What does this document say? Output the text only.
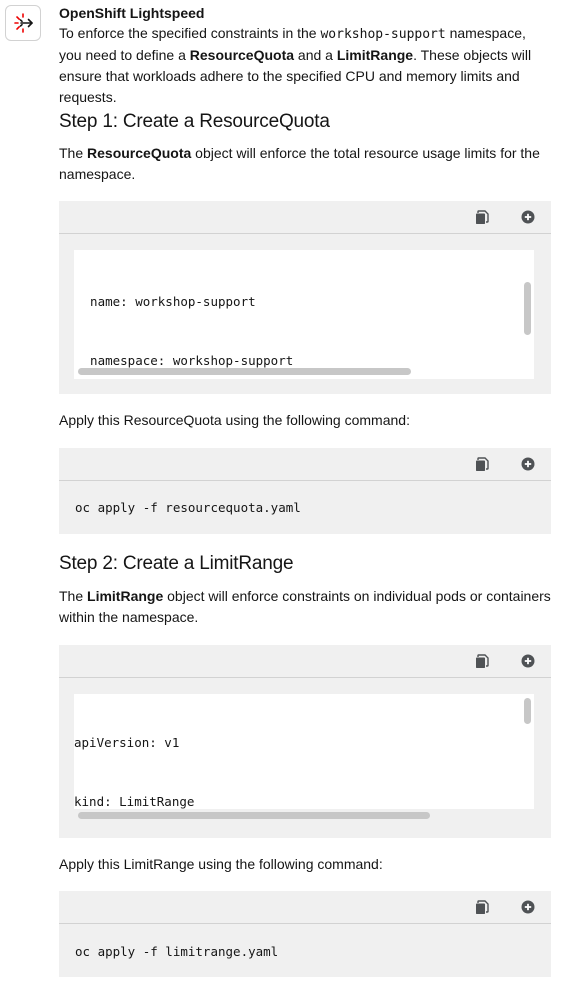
OpenShift Lightspeed

To enforce the specified constraints in the workshop-support namespace, you need to define a ResourceQuota and a LimitRange. These objects will ensure that workloads adhere to the specified CPU and memory limits and requests.

Step 1: Create a ResourceQuota

The ResourceQuota object will enforce the total resource usage limits for the namespace.

name: workshop-support

namespace: workshop-support

Apply this ResourceQuota using the following command:

oc apply -f resourcequota.yaml
Step 2: Create a LimitRange

The LimitRange object will enforce constraints on individual pods or containers within the namespace.

apiVersion: v1

kind: LimitRange

Apply this LimitRange using the following command:

oc apply -f limitrange.yaml
